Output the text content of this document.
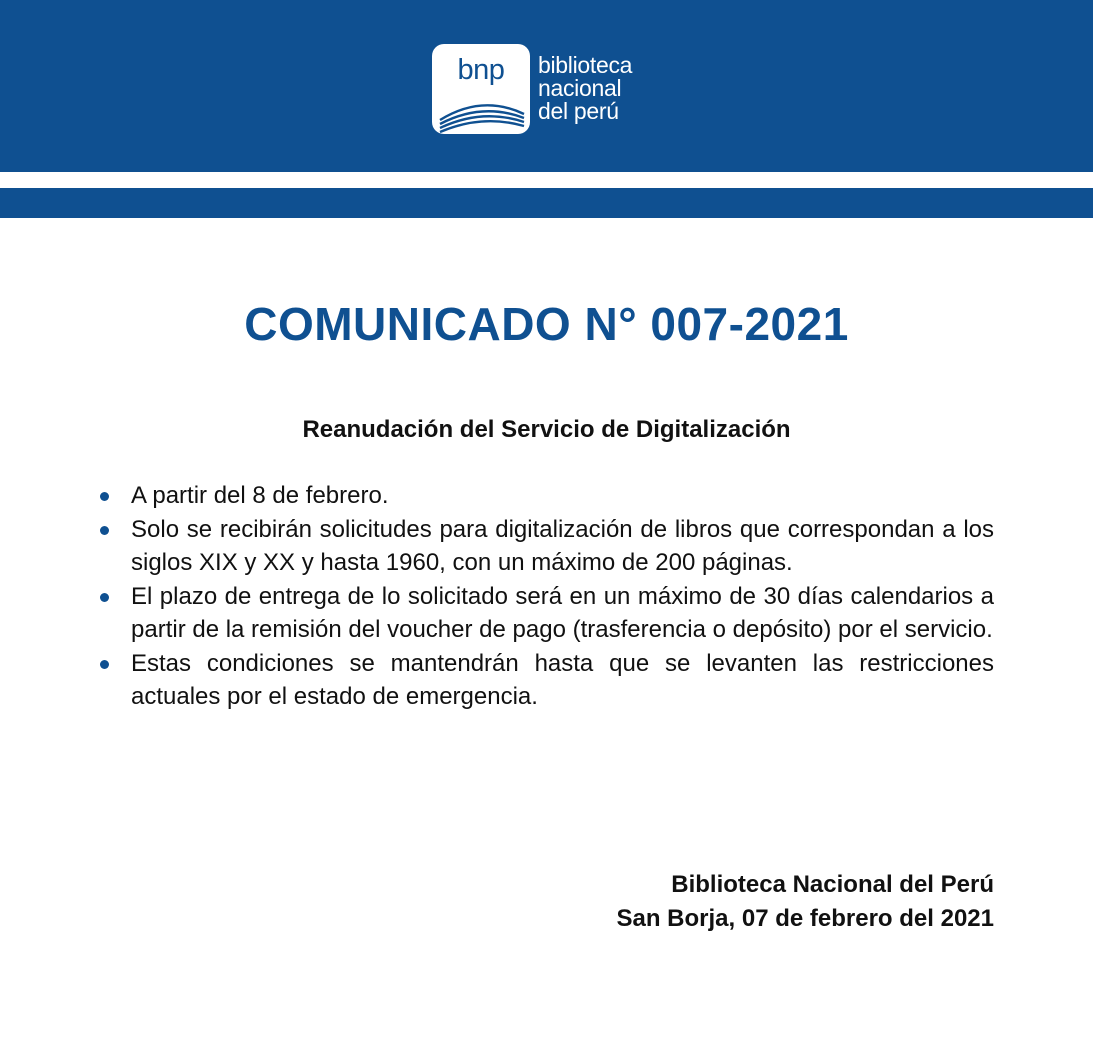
bnp	biblioteca
nacional
del perú
COMUNICADO N° 007-2021
Reanudación del Servicio de Digitalización
A partir del 8 de febrero.
Solo se recibirán solicitudes para digitalización de libros que correspondan a los siglos XIX y XX y hasta 1960, con un máximo de 200 páginas.
El plazo de entrega de lo solicitado será en un máximo de 30 días calendarios a partir de la remisión del voucher de pago (trasferencia o depósito) por el servicio.
Estas condiciones se mantendrán hasta que se levanten las restricciones actuales por el estado de emergencia.
Biblioteca Nacional del Perú
San Borja, 07 de febrero del 2021
